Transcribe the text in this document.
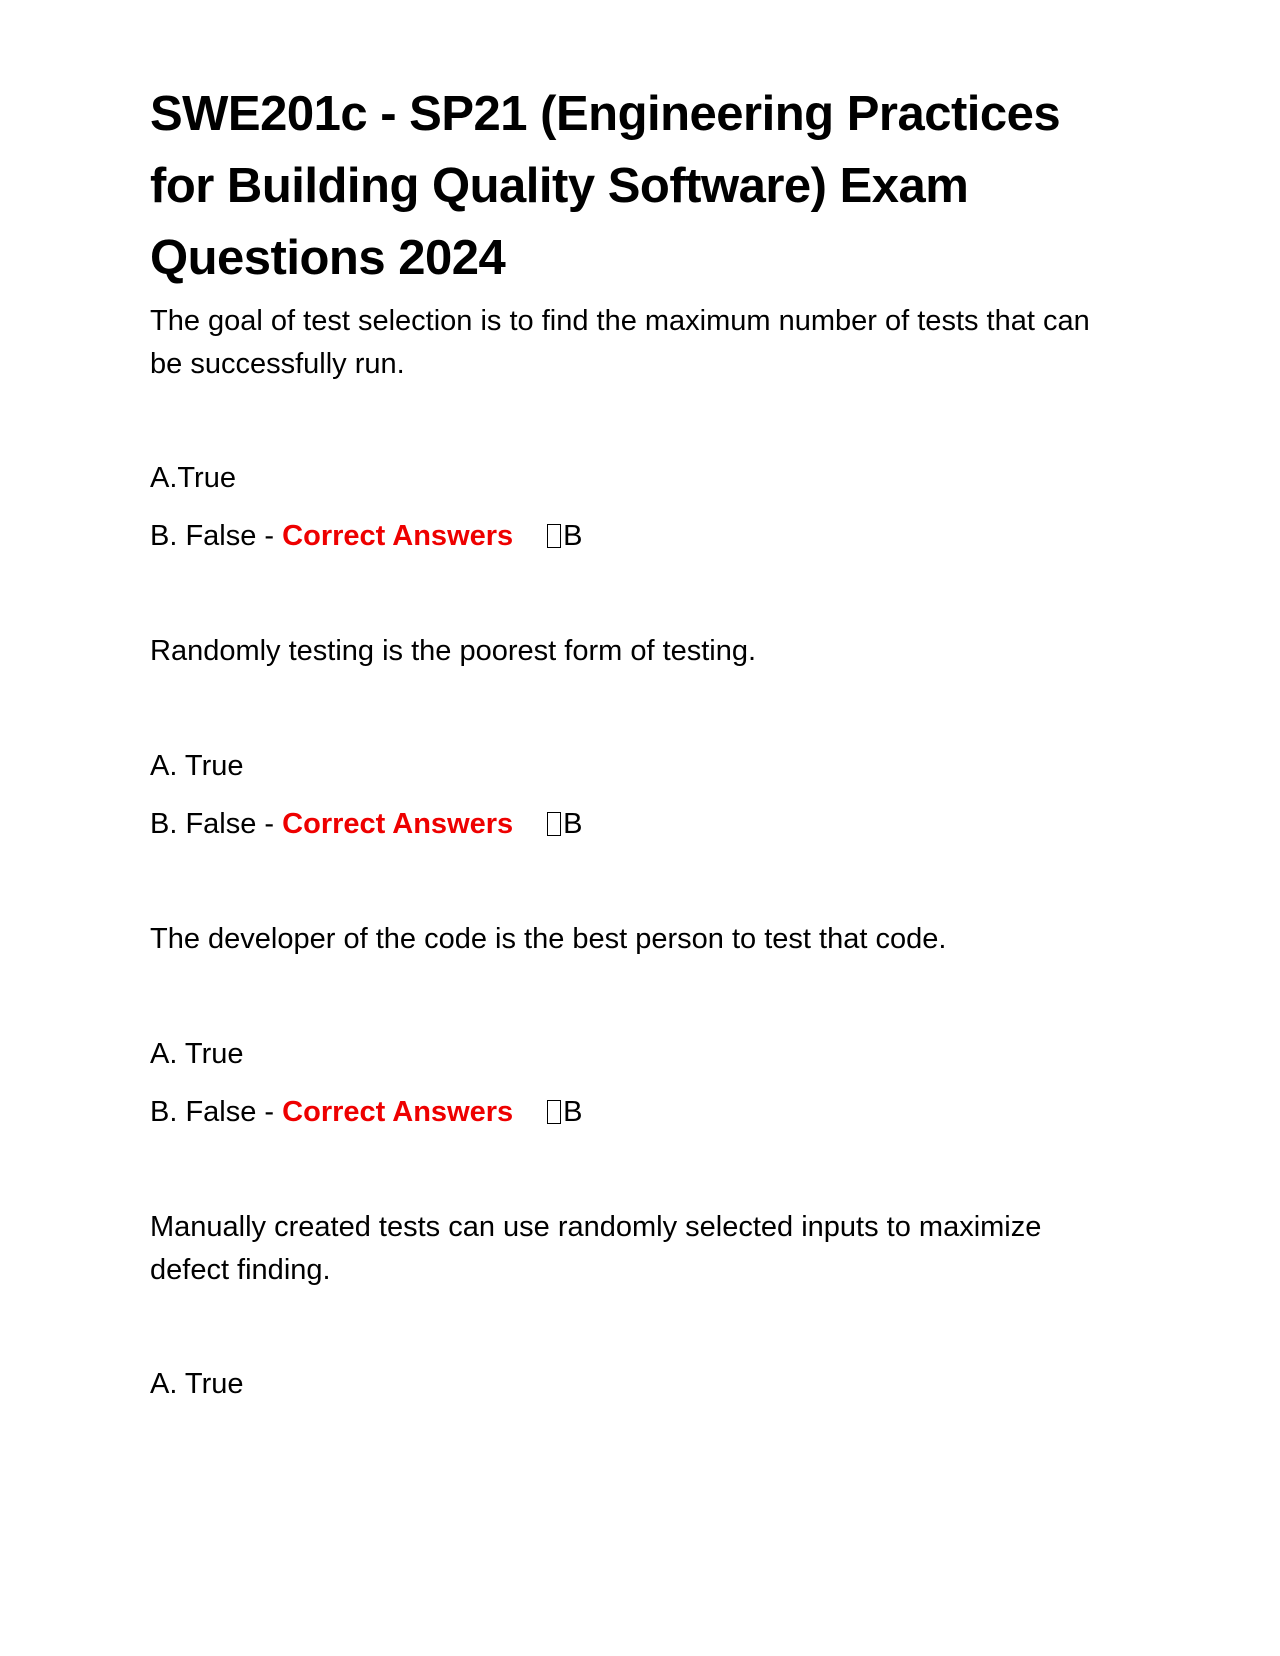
SWE201c - SP21 (Engineering Practices for Building Quality Software) Exam Questions 2024

The goal of test selection is to find the maximum number of tests that can be successfully run.

A.True

B. False - Correct Answers B

Randomly testing is the poorest form of testing.

A. True

B. False - Correct Answers B

The developer of the code is the best person to test that code.

A. True

B. False - Correct Answers B

Manually created tests can use randomly selected inputs to maximize defect finding.

A. True
